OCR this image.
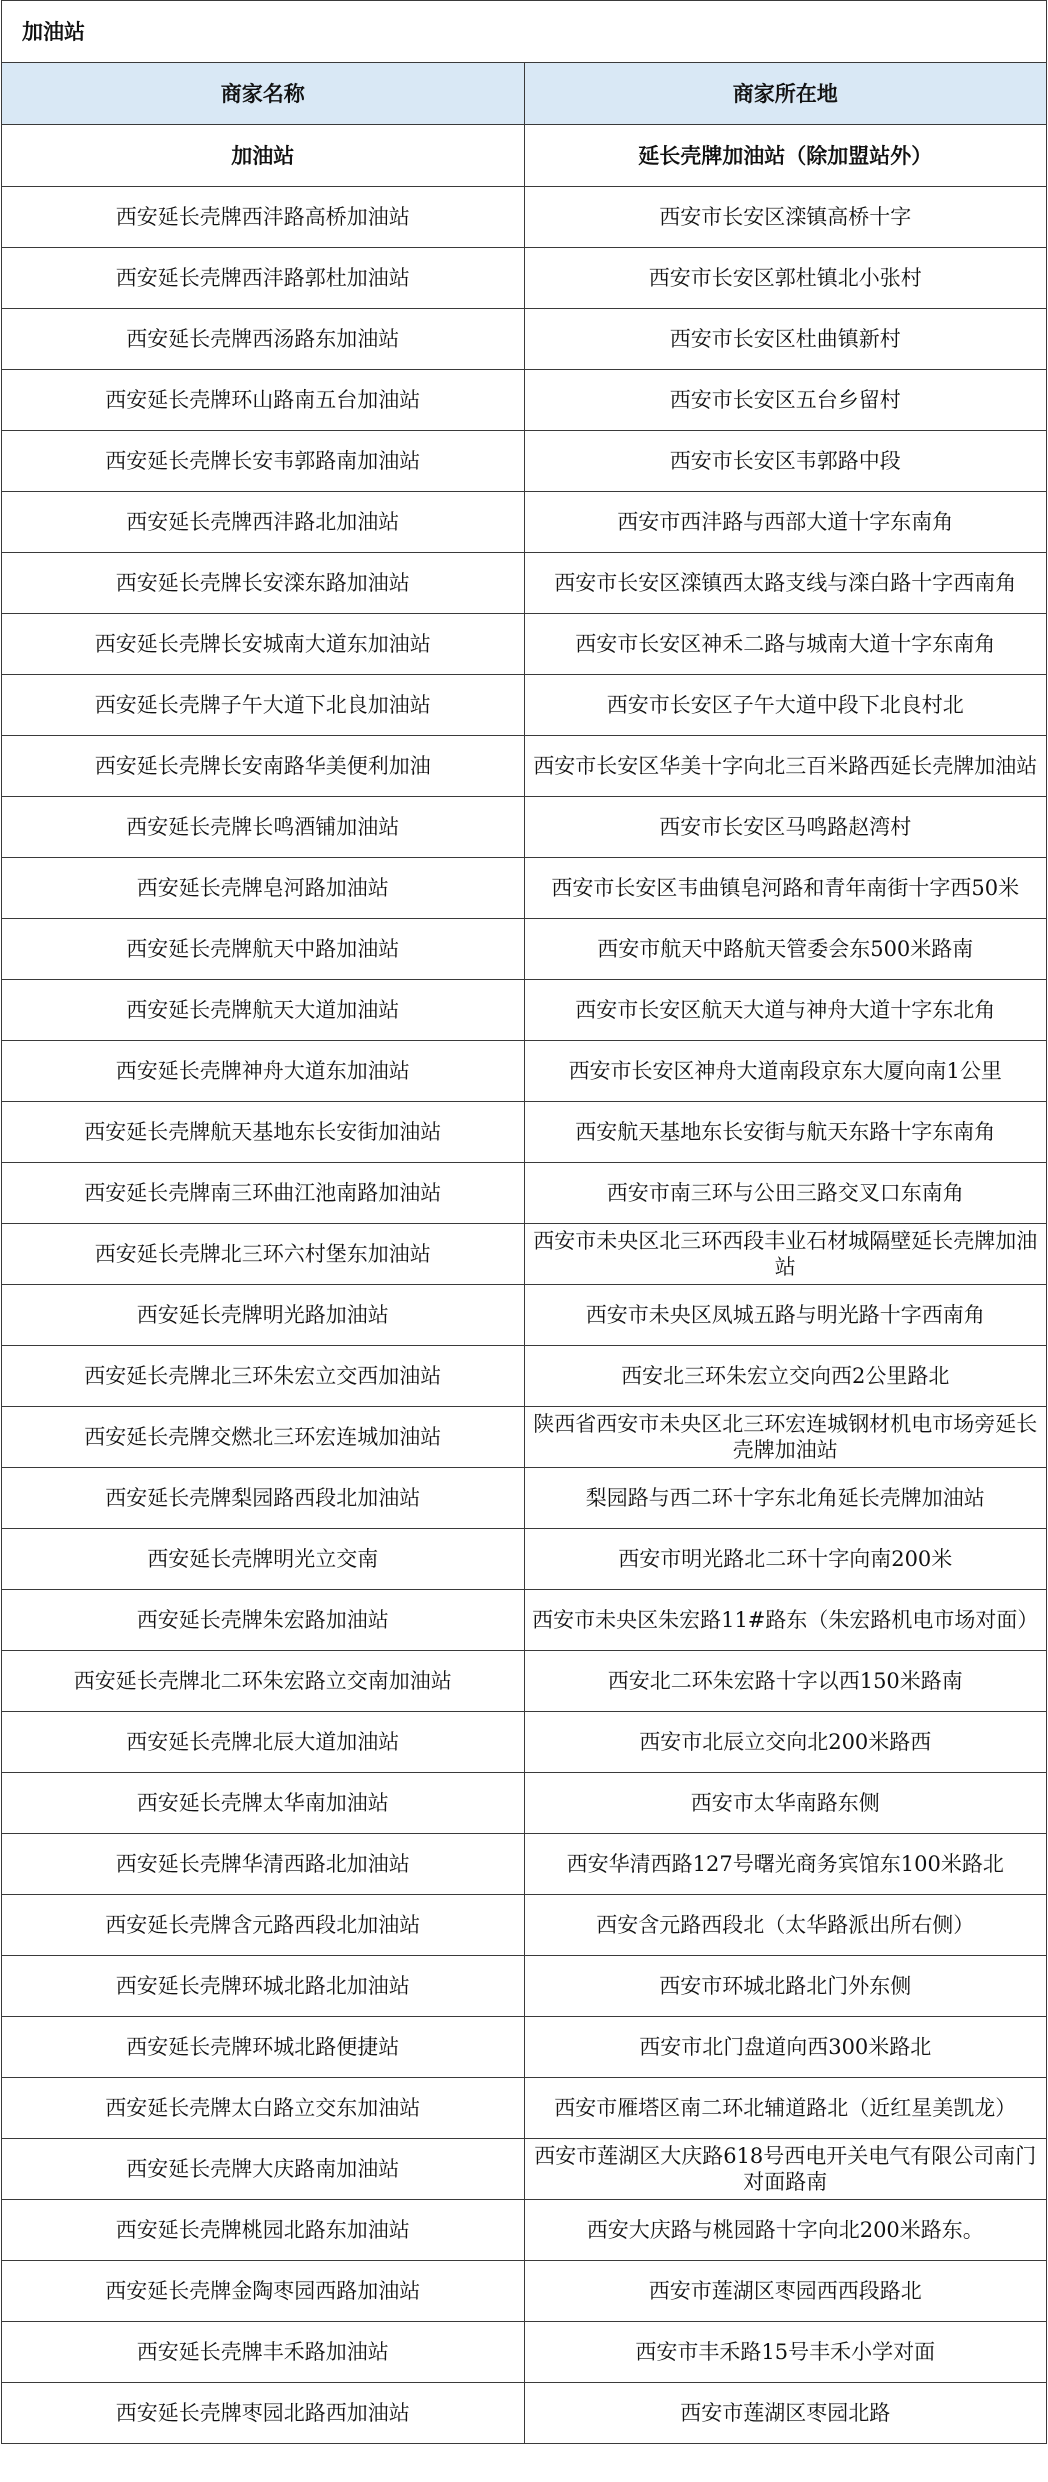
加油站	
商家名称	商家所在地
加油站	延长壳牌加油站（除加盟站外）
西安延长壳牌西沣路高桥加油站	西安市长安区滦镇高桥十字
西安延长壳牌西沣路郭杜加油站	西安市长安区郭杜镇北小张村
西安延长壳牌西汤路东加油站	西安市长安区杜曲镇新村
西安延长壳牌环山路南五台加油站	西安市长安区五台乡留村
西安延长壳牌长安韦郭路南加油站	西安市长安区韦郭路中段
西安延长壳牌西沣路北加油站	西安市西沣路与西部大道十字东南角
西安延长壳牌长安滦东路加油站	西安市长安区滦镇西太路支线与滦白路十字西南角
西安延长壳牌长安城南大道东加油站	西安市长安区神禾二路与城南大道十字东南角
西安延长壳牌子午大道下北良加油站	西安市长安区子午大道中段下北良村北
西安延长壳牌长安南路华美便利加油	西安市长安区华美十字向北三百米路西延长壳牌加油站
西安延长壳牌长鸣酒铺加油站	西安市长安区马鸣路赵湾村
西安延长壳牌皂河路加油站	西安市长安区韦曲镇皂河路和青年南街十字西50米
西安延长壳牌航天中路加油站	西安市航天中路航天管委会东500米路南
西安延长壳牌航天大道加油站	西安市长安区航天大道与神舟大道十字东北角
西安延长壳牌神舟大道东加油站	西安市长安区神舟大道南段京东大厦向南1公里
西安延长壳牌航天基地东长安街加油站	西安航天基地东长安街与航天东路十字东南角
西安延长壳牌南三环曲江池南路加油站	西安市南三环与公田三路交叉口东南角
西安延长壳牌北三环六村堡东加油站	西安市未央区北三环西段丰业石材城隔壁延长壳牌加油站
西安延长壳牌明光路加油站	西安市未央区凤城五路与明光路十字西南角
西安延长壳牌北三环朱宏立交西加油站	西安北三环朱宏立交向西2公里路北
西安延长壳牌交燃北三环宏连城加油站	陕西省西安市未央区北三环宏连城钢材机电市场旁延长壳牌加油站
西安延长壳牌梨园路西段北加油站	梨园路与西二环十字东北角延长壳牌加油站
西安延长壳牌明光立交南	西安市明光路北二环十字向南200米
西安延长壳牌朱宏路加油站	西安市未央区朱宏路11#路东（朱宏路机电市场对面）
西安延长壳牌北二环朱宏路立交南加油站	西安北二环朱宏路十字以西150米路南
西安延长壳牌北辰大道加油站	西安市北辰立交向北200米路西
西安延长壳牌太华南加油站	西安市太华南路东侧
西安延长壳牌华清西路北加油站	西安华清西路127号曙光商务宾馆东100米路北
西安延长壳牌含元路西段北加油站	西安含元路西段北（太华路派出所右侧）
西安延长壳牌环城北路北加油站	西安市环城北路北门外东侧
西安延长壳牌环城北路便捷站	西安市北门盘道向西300米路北
西安延长壳牌太白路立交东加油站	西安市雁塔区南二环北辅道路北（近红星美凯龙）
西安延长壳牌大庆路南加油站	西安市莲湖区大庆路618号西电开关电气有限公司南门对面路南
西安延长壳牌桃园北路东加油站	西安大庆路与桃园路十字向北200米路东。
西安延长壳牌金陶枣园西路加油站	西安市莲湖区枣园西西段路北
西安延长壳牌丰禾路加油站	西安市丰禾路15号丰禾小学对面
西安延长壳牌枣园北路西加油站	西安市莲湖区枣园北路
